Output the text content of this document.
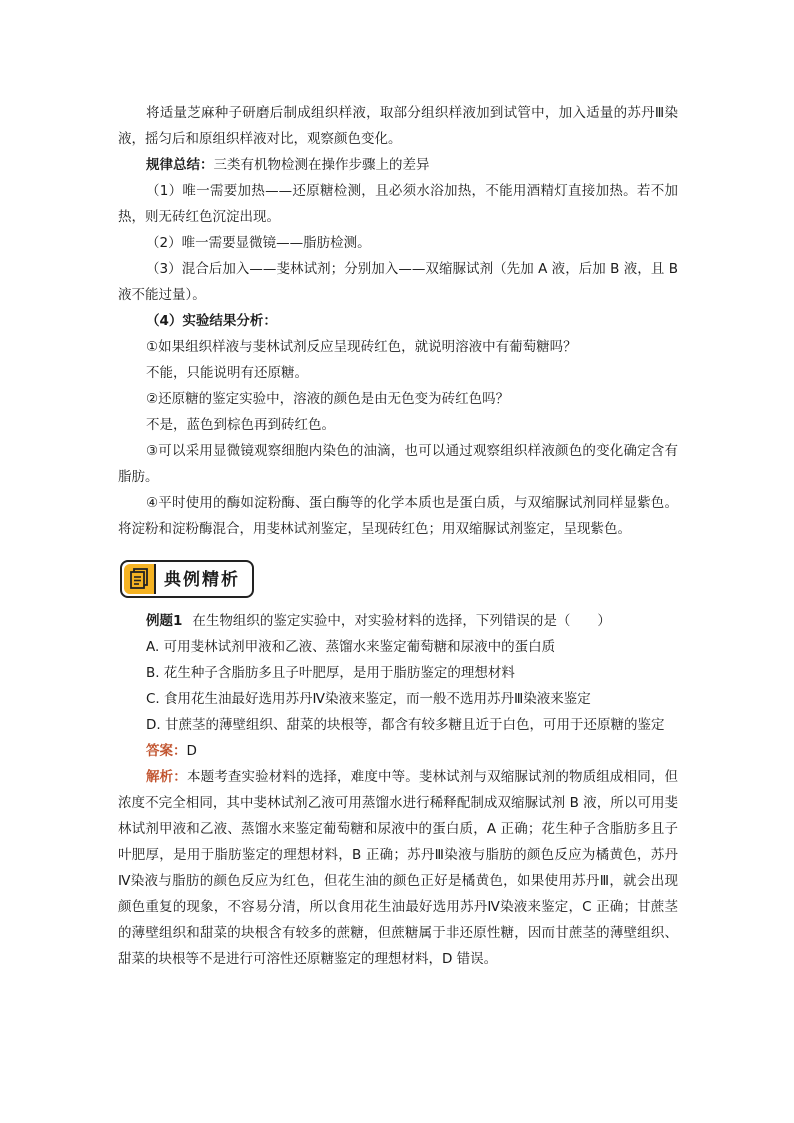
将适量芝麻种子研磨后制成组织样液，取部分组织样液加到试管中，加入适量的苏丹Ⅲ染液，摇匀后和原组织样液对比，观察颜色变化。

规律总结：三类有机物检测在操作步骤上的差异

（1）唯一需要加热——还原糖检测，且必须水浴加热，不能用酒精灯直接加热。若不加热，则无砖红色沉淀出现。

（2）唯一需要显微镜——脂肪检测。

（3）混合后加入——斐林试剂；分别加入——双缩脲试剂（先加 A 液，后加 B 液，且 B 液不能过量）。

（4）实验结果分析：

①如果组织样液与斐林试剂反应呈现砖红色，就说明溶液中有葡萄糖吗？

不能，只能说明有还原糖。

②还原糖的鉴定实验中，溶液的颜色是由无色变为砖红色吗？

不是，蓝色到棕色再到砖红色。

③可以采用显微镜观察细胞内染色的油滴，也可以通过观察组织样液颜色的变化确定含有脂肪。

④平时使用的酶如淀粉酶、蛋白酶等的化学本质也是蛋白质，与双缩脲试剂同样显紫色。将淀粉和淀粉酶混合，用斐林试剂鉴定，呈现砖红色；用双缩脲试剂鉴定，呈现紫色。

典例精析

例题1 在生物组织的鉴定实验中，对实验材料的选择，下列错误的是（　　）

A. 可用斐林试剂甲液和乙液、蒸馏水来鉴定葡萄糖和尿液中的蛋白质

B. 花生种子含脂肪多且子叶肥厚，是用于脂肪鉴定的理想材料

C. 食用花生油最好选用苏丹Ⅳ染液来鉴定，而一般不选用苏丹Ⅲ染液来鉴定

D. 甘蔗茎的薄壁组织、甜菜的块根等，都含有较多糖且近于白色，可用于还原糖的鉴定

答案：D

解析：本题考查实验材料的选择，难度中等。斐林试剂与双缩脲试剂的物质组成相同，但浓度不完全相同，其中斐林试剂乙液可用蒸馏水进行稀释配制成双缩脲试剂 B 液，所以可用斐林试剂甲液和乙液、蒸馏水来鉴定葡萄糖和尿液中的蛋白质，A 正确；花生种子含脂肪多且子叶肥厚，是用于脂肪鉴定的理想材料，B 正确；苏丹Ⅲ染液与脂肪的颜色反应为橘黄色，苏丹Ⅳ染液与脂肪的颜色反应为红色，但花生油的颜色正好是橘黄色，如果使用苏丹Ⅲ，就会出现颜色重复的现象，不容易分清，所以食用花生油最好选用苏丹Ⅳ染液来鉴定，C 正确；甘蔗茎的薄壁组织和甜菜的块根含有较多的蔗糖，但蔗糖属于非还原性糖，因而甘蔗茎的薄壁组织、甜菜的块根等不是进行可溶性还原糖鉴定的理想材料，D 错误。
